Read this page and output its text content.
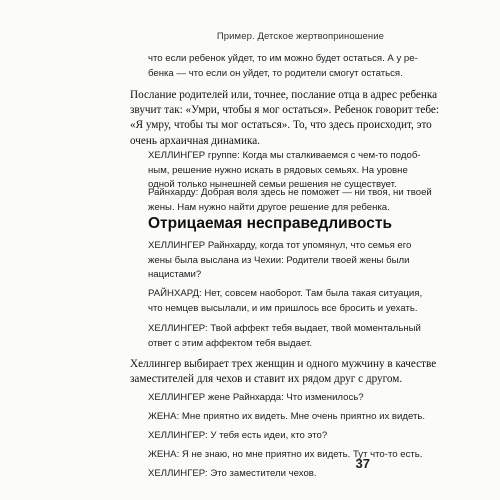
Пример. Детское жертвоприношение
что если ребенок уйдет, то им можно будет остаться. А у ре-
бенка — что если он уйдет, то родители смогут остаться.
Послание родителей или, точнее, послание отца в адрес ребенка
звучит так: «Умри, чтобы я мог остаться». Ребенок говорит тебе:
«Я умру, чтобы ты мог остаться». То, что здесь происходит, это
очень архаичная динамика.
ХЕЛЛИНГЕР группе: Когда мы сталкиваемся с чем-то подоб-
ным, решение нужно искать в рядовых семьях. На уровне
одной только нынешней семьи решения не существует.
Райнхарду: Добрая воля здесь не поможет — ни твоя, ни твоей
жены. Нам нужно найти другое решение для ребенка.
Отрицаемая несправедливость
ХЕЛЛИНГЕР Райнхарду, когда тот упомянул, что семья его
жены была выслана из Чехии: Родители твоей жены были
нацистами?
РАЙНХАРД: Нет, совсем наоборот. Там была такая ситуация,
что немцев высылали, и им пришлось все бросить и уехать.
ХЕЛЛИНГЕР: Твой аффект тебя выдает, твой моментальный
ответ с этим аффектом тебя выдает.
Хеллингер выбирает трех женщин и одного мужчину в качестве
заместителей для чехов и ставит их рядом друг с другом.
ХЕЛЛИНГЕР жене Райнхарда: Что изменилось?
ЖЕНА: Мне приятно их видеть. Мне очень приятно их видеть.
ХЕЛЛИНГЕР: У тебя есть идеи, кто это?
ЖЕНА: Я не знаю, но мне приятно их видеть. Тут что-то есть.
ХЕЛЛИНГЕР: Это заместители чехов.
37
